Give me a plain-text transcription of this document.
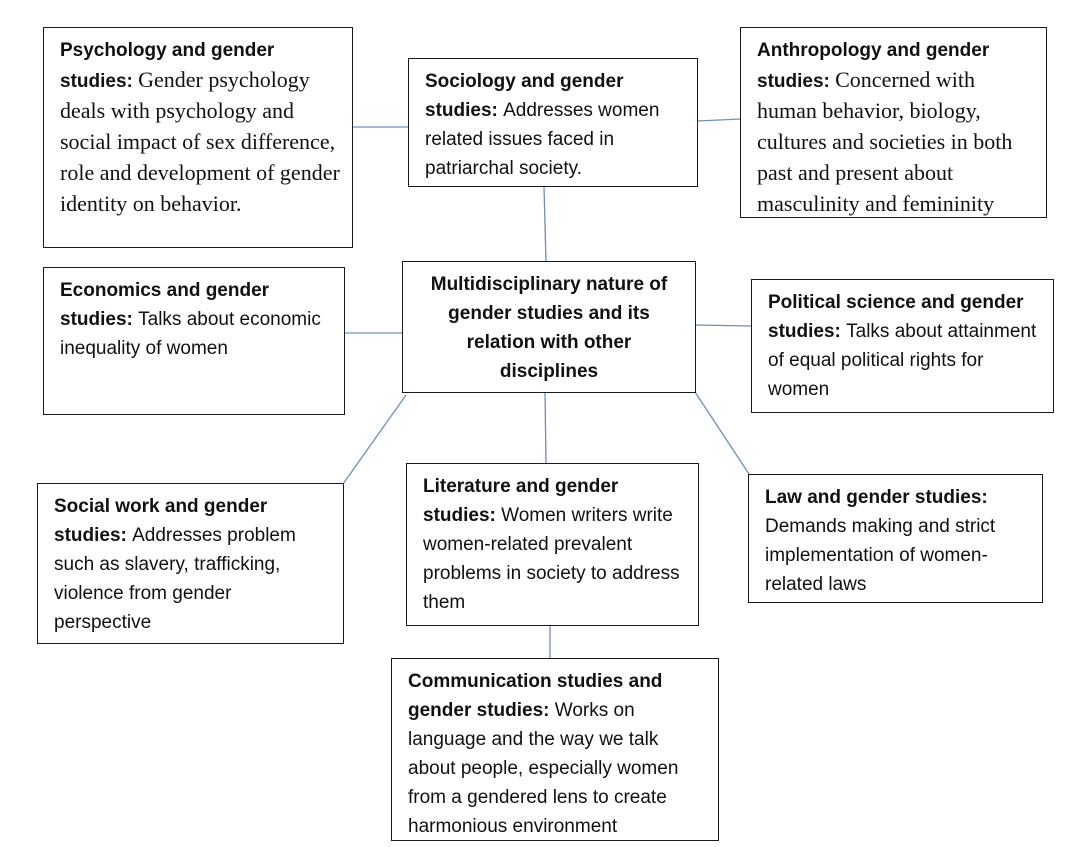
Psychology and gender studies: Gender psychology deals with psychology and social impact of sex difference, role and development of gender identity on behavior.
Sociology and gender studies: Addresses women related issues faced in patriarchal society.
Anthropology and gender studies: Concerned with human behavior, biology, cultures and societies in both past and present about masculinity and femininity
Multidisciplinary nature of gender studies and its relation with other disciplines
Economics and gender studies: Talks about economic inequality of women
Political science and gender studies: Talks about attainment of equal political rights for women
Social work and gender studies: Addresses problem such as slavery, trafficking, violence from gender perspective
Literature and gender studies: Women writers write women-related prevalent problems in society to address them
Law and gender studies: Demands making and strict implementation of women-related laws
Communication studies and gender studies: Works on language and the way we talk about people, especially women from a gendered lens to create harmonious environment
